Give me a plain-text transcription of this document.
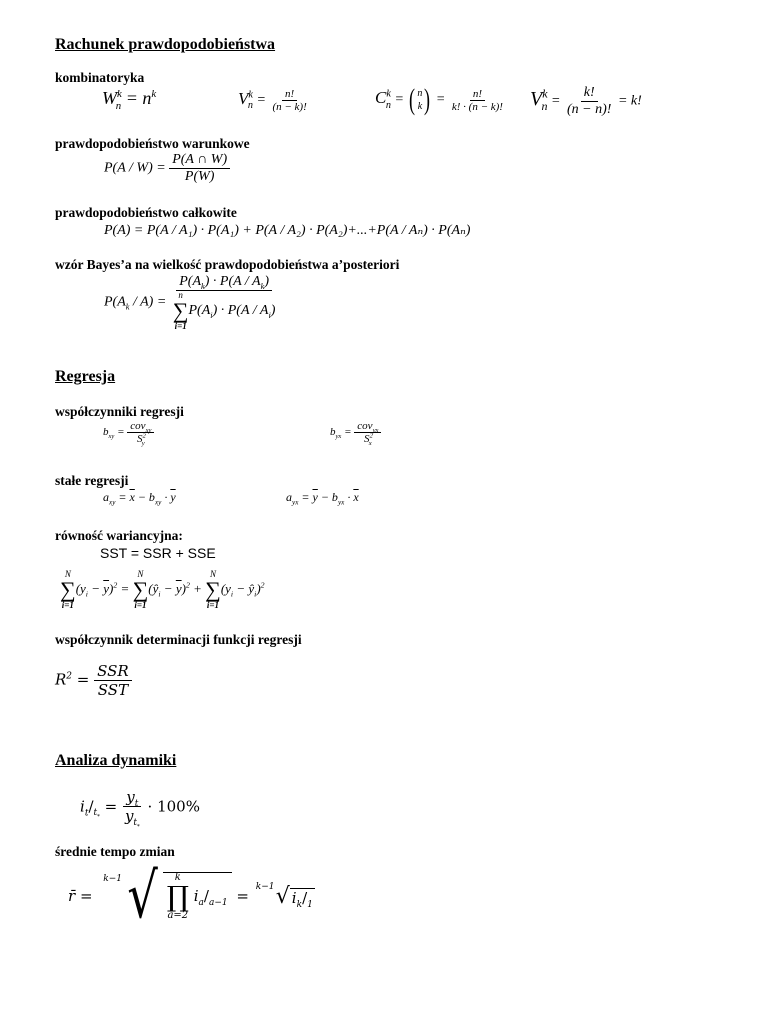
Rachunek prawdopodobieństwa
kombinatoryka
$W^k_n = n^k$	$V^k_n = \frac{n!}{(n - k)!}$	$C^k_n$ = ( n
k ) = $\frac{n!}{k! \cdot (n - k)!} V^k_n = \frac{k!}{(n - n)!} = k$!
prawdopodobieństwo warunkowe
$P(A / W) = \frac{P(A \cap W)}{P(W)}$
prawdopodobieństwo całkowite
P(A) = P(A / A₁) · P(A₁) + P(A / A₂) · P(A₂)+...+P(A / Aₙ) · P(Aₙ)
wzór Bayes’a na wielkość prawdopodobieństwa a’posteriori
$P(A_k / A) = P(A_k) \cdot P(A / A_k)$
n
∑
i=1
$P(A_i) \cdot P(A / A_i)$
Regresja
współczynniki regresji
$b_{xy} = \frac{cov_{xy}}{S^2_y}$	$b_{yx} = \frac{cov_{yx}}{S^2_x}$
stałe regresji
$a_{xy} = \overline{x} - b_{xy} \cdot \overline{y}$	$a_{yx} = \overline{y} - b_{yx} \cdot \overline{x}$
równość wariancyjna:
SST = SSR + SSE
N
∑
i=1
$(y_i - \overline{y})^2$ =
N
∑
i=1
$(ŷ_i - \overline{y})^2$ +
N
∑
i=1
($y_i$ − $ŷ_i)^2$
współczynnik determinacji funkcji regresji
$R^2 = \frac{\text{SSR}}{\text{SST}}$
Analiza dynamiki
$i_t/_{t_*} = \frac{y_t}{y_{t_*}} \cdot 100\%$
średnie tempo zmian
r̄ =
k−1 √ k
∏
a=2
$i_a/_{a-1}$ =
k−1 √ $i_k/_1$
